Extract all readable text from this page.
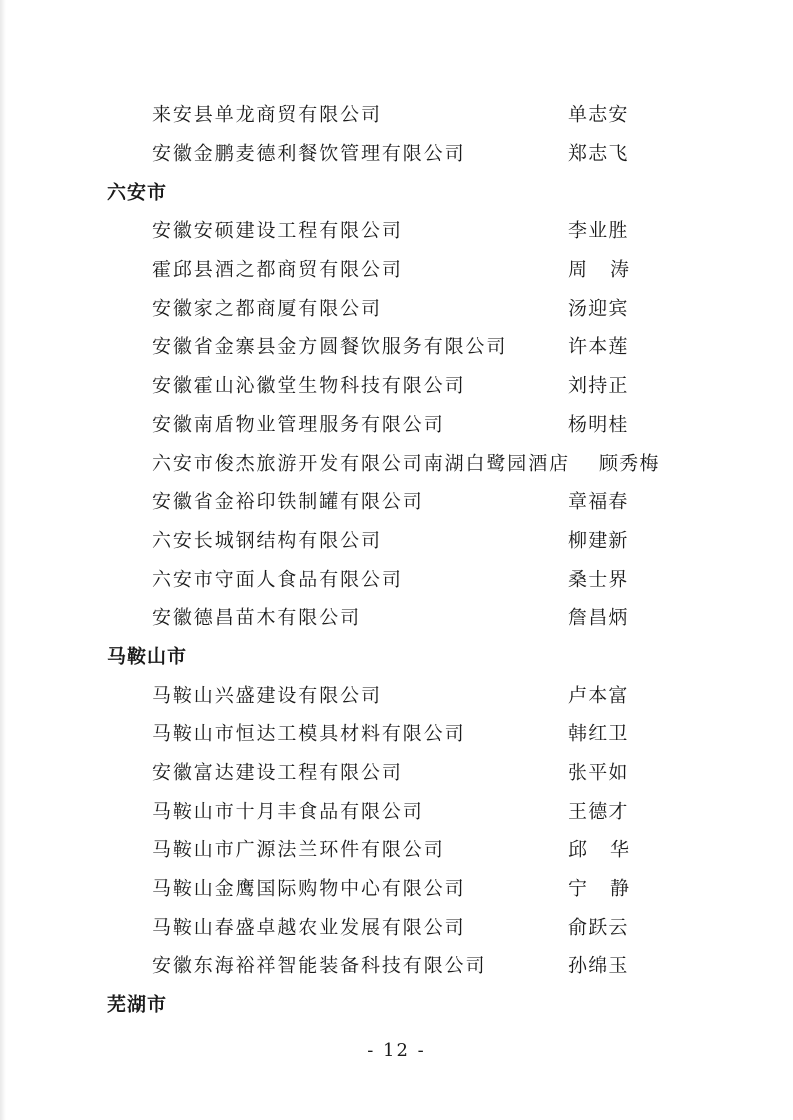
来安县单龙商贸有限公司	单志安
安徽金鹏麦德利餐饮管理有限公司	郑志飞
六安市
安徽安硕建设工程有限公司	李业胜
霍邱县酒之都商贸有限公司	周涛
安徽家之都商厦有限公司	汤迎宾
安徽省金寨县金方圆餐饮服务有限公司	许本莲
安徽霍山沁徽堂生物科技有限公司	刘持正
安徽南盾物业管理服务有限公司	杨明桂
六安市俊杰旅游开发有限公司南湖白鹭园酒店 顾秀梅
安徽省金裕印铁制罐有限公司	章福春
六安长城钢结构有限公司	柳建新
六安市守面人食品有限公司	桑士界
安徽德昌苗木有限公司	詹昌炳
马鞍山市
马鞍山兴盛建设有限公司	卢本富
马鞍山市恒达工模具材料有限公司	韩红卫
安徽富达建设工程有限公司	张平如
马鞍山市十月丰食品有限公司	王德才
马鞍山市广源法兰环件有限公司	邱华
马鞍山金鹰国际购物中心有限公司	宁静
马鞍山春盛卓越农业发展有限公司	俞跃云
安徽东海裕祥智能装备科技有限公司	孙绵玉
芜湖市
- 12 -
